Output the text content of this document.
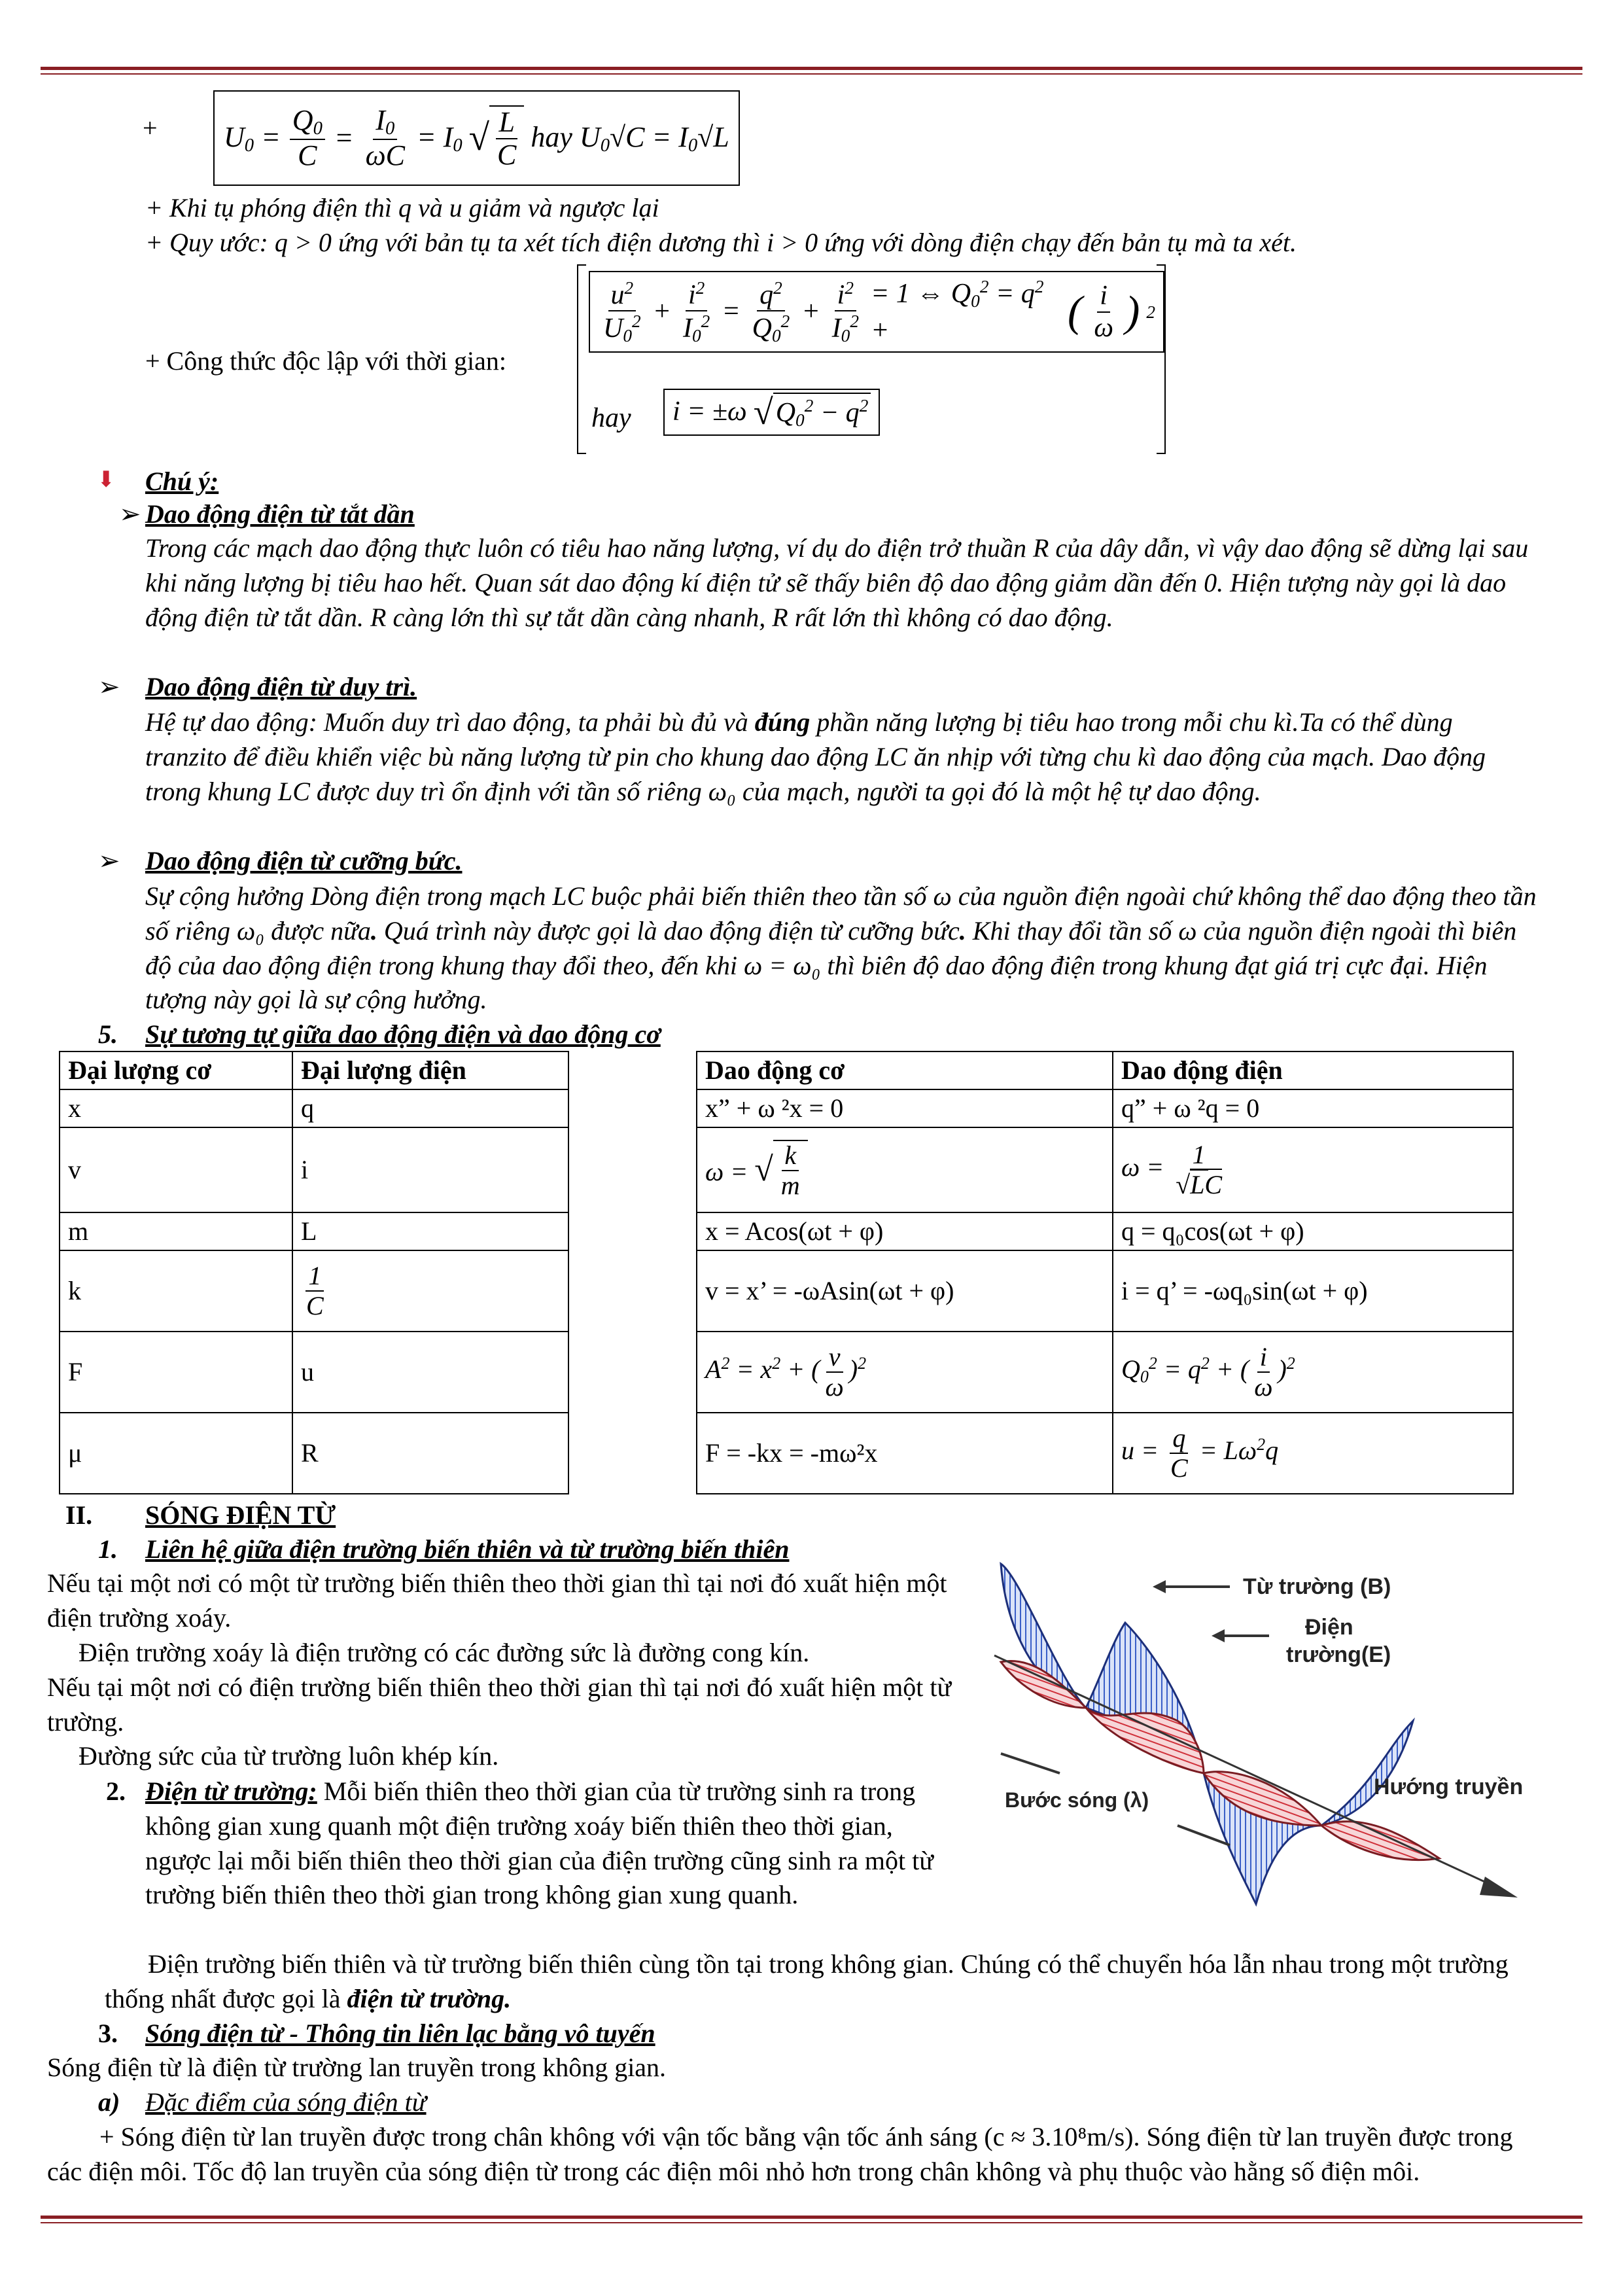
+ $U_0 = \frac{Q_0}{C} = \frac{I_0}{\omega C} = I_0$ √ $\frac{L}{C}$ hay $U_0√C = I_0√L$
+ Khi tụ phóng điện thì q và u giảm và ngược lại
+ Quy ước: q > 0 ứng với bản tụ ta xét tích điện dương thì i > 0 ứng với dòng điện chạy đến bản tụ mà ta xét.
+ Công thức độc lập với thời gian:
$\frac{u^2}{U_0^2} + \frac{i^2}{I_0^2} = \frac{q^2}{Q_0^2} + \frac{i^2}{I_0^2} = 1$ ⇔ $Q_0^2 = q^2$ +	( $\frac{i}{\omega}$ ) 2
hay i = ±ω √ $Q_0^2 - q^2$
⬇ Chú ý:
➢ Dao động điện từ tắt dần
Trong các mạch dao động thực luôn có tiêu hao năng lượng, ví dụ do điện trở thuần R của dây dẫn, vì vậy dao động sẽ dừng lại sau khi năng lượng bị tiêu hao hết. Quan sát dao động kí điện tử sẽ thấy biên độ dao động giảm dần đến 0. Hiện tượng này gọi là dao động điện từ tắt dần. R càng lớn thì sự tắt dần càng nhanh, R rất lớn thì không có dao động.
➢ Dao động điện từ duy trì.
Hệ tự dao động: Muốn duy trì dao động, ta phải bù đủ và đúng phần năng lượng bị tiêu hao trong mỗi chu kì.Ta có thể dùng tranzito để điều khiển việc bù năng lượng từ pin cho khung dao động LC ăn nhịp với từng chu kì dao động của mạch. Dao động trong khung LC được duy trì ổn định với tần số riêng ω₀ của mạch, người ta gọi đó là một hệ tự dao động.
➢ Dao động điện từ cưỡng bức.
Sự cộng hưởng Dòng điện trong mạch LC buộc phải biến thiên theo tần số ω của nguồn điện ngoài chứ không thể dao động theo tần số riêng ω₀ được nữa. Quá trình này được gọi là dao động điện từ cưỡng bức. Khi thay đổi tần số ω của nguồn điện ngoài thì biên độ của dao động điện trong khung thay đổi theo, đến khi ω = ω₀ thì biên độ dao động điện trong khung đạt giá trị cực đại. Hiện tượng này gọi là sự cộng hưởng.
5. Sự tương tự giữa dao động điện và dao động cơ
Đại lượng cơ	Đại lượng điện
x	q
v	i
m	L
k	$\frac{1}{C}$

F	u
μ	R
Dao động cơ	Dao động điện
x” + ω ²x = 0	q” + ω ²q = 0
ω = √ $\frac{k}{m}$	$\omega = \frac{1}{√LC}$

x = Acos(ωt + φ)	q = q₀cos(ωt + φ)
v = x’ = -ωAsin(ωt + φ)	i = q’ = -ωq₀sin(ωt + φ)
$A^2 = x^2$ + ( $\frac{v}{\omega} )^2$	$Q_0^2 = q^2$ + ( $\frac{i}{\omega} )^2$
F = -kx = -mω²x	$u = \frac{q}{C} = L\omega^2q$
II. SÓNG ĐIỆN TỪ
1. Liên hệ giữa điện trường biến thiên và từ trường biến thiên
Nếu tại một nơi có một từ trường biến thiên theo thời gian thì tại nơi đó xuất hiện một điện trường xoáy.
Điện trường xoáy là điện trường có các đường sức là đường cong kín.
Nếu tại một nơi có điện trường biến thiên theo thời gian thì tại nơi đó xuất hiện một từ trường.
Đường sức của từ trường luôn khép kín.
2. Điện từ trường: Mỗi biến thiên theo thời gian của từ trường sinh ra trong không gian xung quanh một điện trường xoáy biến thiên theo thời gian, ngược lại mỗi biến thiên theo thời gian của điện trường cũng sinh ra một từ trường biến thiên theo thời gian trong không gian xung quanh.
Điện trường biến thiên và từ trường biến thiên cùng tồn tại trong không gian. Chúng có thể chuyển hóa lẫn nhau trong một trường thống nhất được gọi là điện từ trường.
3. Sóng điện từ - Thông tin liên lạc bằng vô tuyến
Sóng điện từ là điện từ trường lan truyền trong không gian.
a) Đặc điểm của sóng điện từ
+ Sóng điện từ lan truyền được trong chân không với vận tốc bằng vận tốc ánh sáng (c ≈ 3.10⁸m/s). Sóng điện từ lan truyền được trong các điện môi. Tốc độ lan truyền của sóng điện từ trong các điện môi nhỏ hơn trong chân không và phụ thuộc vào hằng số điện môi.
Từ trường (B)
Điện
trường(E)
Hướng truyền
Bước sóng (λ)
